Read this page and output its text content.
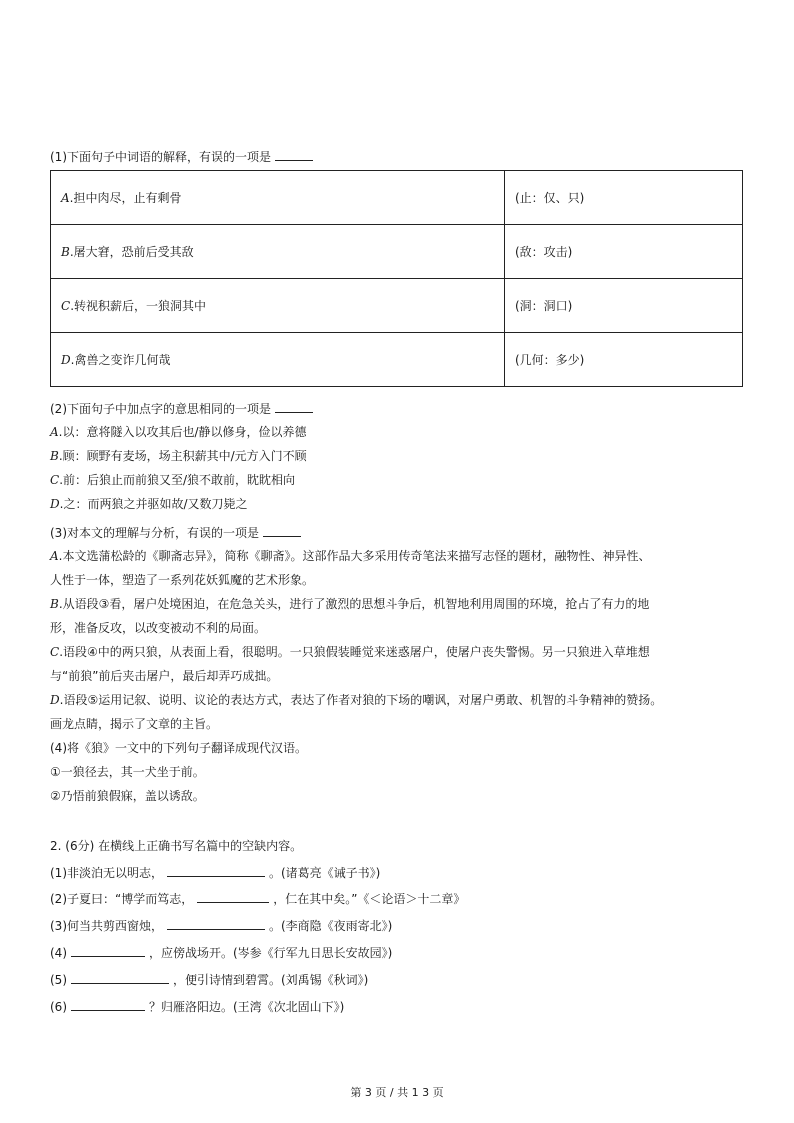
(1)下面句子中词语的解释，有误的一项是
A.担中肉尽，止有剩骨	(止：仅、只)
B.屠大窘，恐前后受其敌	(敌：攻击)
C.转视积薪后，一狼洞其中	(洞：洞口)
D.禽兽之变诈几何哉	(几何：多少)
(2)下面句子中加点字的意思相同的一项是
A.以：意将隧入以攻其后也/静以修身，俭以养德
B.顾：顾野有麦场，场主积薪其中/元方入门不顾
C.前：后狼止而前狼又至/狼不敢前，眈眈相向
D.之：而两狼之并驱如故/又数刀毙之
(3)对本文的理解与分析，有误的一项是
A.本文选蒲松龄的《聊斋志异》，简称《聊斋》。这部作品大多采用传奇笔法来描写志怪的题材，融物性、神异性、
人性于一体，塑造了一系列花妖狐魔的艺术形象。
B.从语段③看，屠户处境困迫，在危急关头，进行了激烈的思想斗争后，机智地利用周围的环境，抢占了有力的地
形，准备反攻，以改变被动不利的局面。
C.语段④中的两只狼，从表面上看，很聪明。一只狼假装睡觉来迷惑屠户，使屠户丧失警惕。另一只狼进入草堆想
与“前狼”前后夹击屠户，最后却弄巧成拙。
D.语段⑤运用记叙、说明、议论的表达方式，表达了作者对狼的下场的嘲讽，对屠户勇敢、机智的斗争精神的赞扬。
画龙点睛，揭示了文章的主旨。
(4)将《狼》一文中的下列句子翻译成现代汉语。
①一狼径去，其一犬坐于前。
②乃悟前狼假寐，盖以诱敌。
2. (6分) 在横线上正确书写名篇中的空缺内容。
(1)非淡泊无以明志，	。(诸葛亮《诫子书》)
(2)子夏曰：“博学而笃志，	，仁在其中矣。”《＜论语＞十二章》
(3)何当共剪西窗烛，	。(李商隐《夜雨寄北》)
(4)	，应傍战场开。(岑参《行军九日思长安故园》)
(5)	，便引诗情到碧霄。(刘禹锡《秋词》)
(6)	？归雁洛阳边。(王湾《次北固山下》)
第 3 页 / 共 1 3 页
